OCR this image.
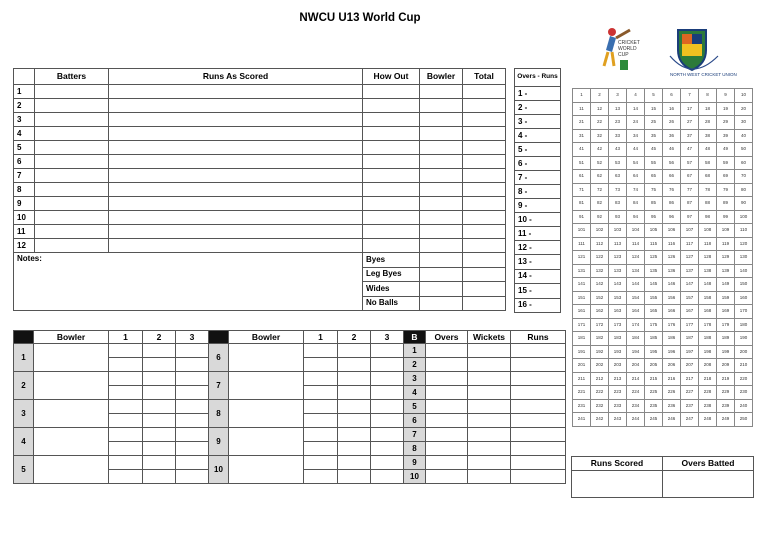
NWCU U13 World Cup
CRICKET
WORLD
CUP
NORTH WEST CRICKET UNION
	Batters	Runs As Scored	How Out	Bowler	Total
1					
2					
3					
4					
5					
6					
7					
8					
9					
10					
11					
12					
Notes:			Byes		
			Leg Byes		
			Wides		
			No Balls		
Overs - Runs
1 -
2 -
3 -
4 -
5 -
6 -
7 -
8 -
9 -
10 -
11 -
12 -
13 -
14 -
15 -
16 -
	Bowler	1	2	3		Bowler	1	2	3	B	Overs	Wickets	Runs
1					6					1			
										2			
2					7					3			
										4			
3					8					5			
										6			
4					9					7			
										8			
5					10					9			
										10			
1	2	3	4	5	6	7	8	9	10
11	12	13	14	15	16	17	18	19	20
21	22	23	24	25	26	27	28	29	30
31	32	33	34	35	36	37	38	39	40
41	42	43	44	45	46	47	48	49	50
51	52	53	54	55	56	57	58	59	60
61	62	63	64	65	66	67	68	69	70
71	72	73	74	75	76	77	78	79	80
81	82	83	84	85	86	87	88	89	90
91	92	93	94	95	96	97	98	99	100
101	102	103	104	105	106	107	108	109	110
111	112	113	114	115	116	117	118	119	120
121	122	123	124	125	126	127	128	129	130
131	132	133	134	135	136	137	138	139	140
141	142	143	144	145	146	147	148	149	150
151	152	153	154	155	156	157	158	159	160
161	162	163	164	165	166	167	168	169	170
171	172	173	174	175	176	177	178	179	180
181	182	183	184	185	186	187	188	189	190
191	192	193	194	195	196	197	198	199	200
201	202	203	204	205	206	207	208	209	210
211	212	213	214	215	216	217	218	219	220
221	222	223	224	225	226	227	228	229	230
231	232	233	234	235	236	237	238	239	240
241	242	243	244	245	246	247	248	249	250
Runs Scored	Overs Batted
